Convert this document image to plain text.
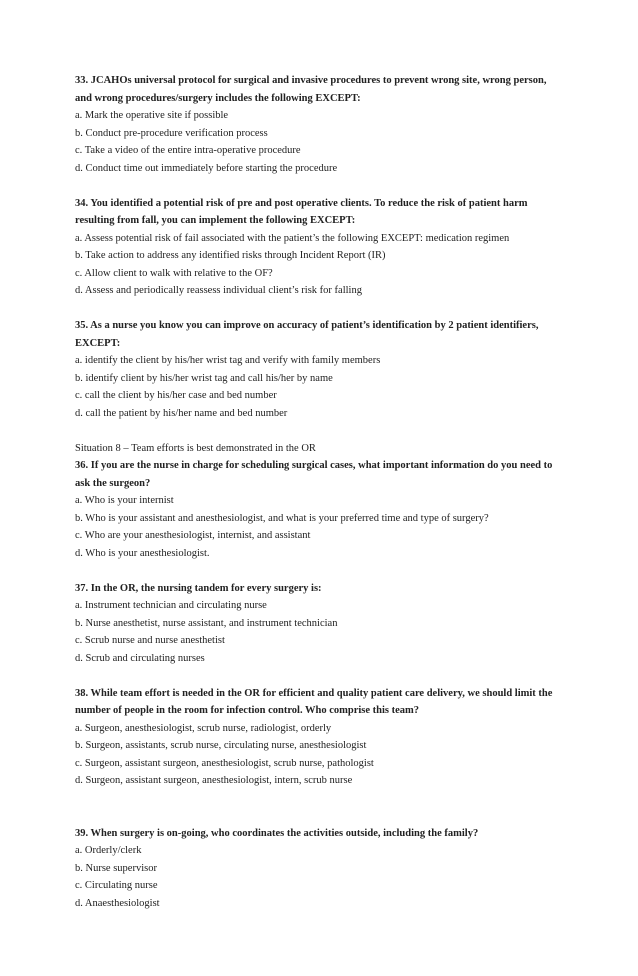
33. JCAHOs universal protocol for surgical and invasive procedures to prevent wrong site, wrong person, and wrong procedures/surgery includes the following EXCEPT:

a. Mark the operative site if possible

b. Conduct pre-procedure verification process

c. Take a video of the entire intra-operative procedure

d. Conduct time out immediately before starting the procedure

34. You identified a potential risk of pre and post operative clients. To reduce the risk of patient harm resulting from fall, you can implement the following EXCEPT:

a. Assess potential risk of fail associated with the patient’s the following EXCEPT: medication regimen

b. Take action to address any identified risks through Incident Report (IR)

c. Allow client to walk with relative to the OF?

d. Assess and periodically reassess individual client’s risk for falling

35. As a nurse you know you can improve on accuracy of patient’s identification by 2 patient identifiers, EXCEPT:

a. identify the client by his/her wrist tag and verify with family members

b. identify client by his/her wrist tag and call his/her by name

c. call the client by his/her case and bed number

d. call the patient by his/her name and bed number

Situation 8 – Team efforts is best demonstrated in the OR

36. If you are the nurse in charge for scheduling surgical cases, what important information do you need to ask the surgeon?

a. Who is your internist

b. Who is your assistant and anesthesiologist, and what is your preferred time and type of surgery?

c. Who are your anesthesiologist, internist, and assistant

d. Who is your anesthesiologist.

37. In the OR, the nursing tandem for every surgery is:

a. Instrument technician and circulating nurse

b. Nurse anesthetist, nurse assistant, and instrument technician

c. Scrub nurse and nurse anesthetist

d. Scrub and circulating nurses

38. While team effort is needed in the OR for efficient and quality patient care delivery, we should limit the number of people in the room for infection control. Who comprise this team?

a. Surgeon, anesthesiologist, scrub nurse, radiologist, orderly

b. Surgeon, assistants, scrub nurse, circulating nurse, anesthesiologist

c. Surgeon, assistant surgeon, anesthesiologist, scrub nurse, pathologist

d. Surgeon, assistant surgeon, anesthesiologist, intern, scrub nurse

39. When surgery is on-going, who coordinates the activities outside, including the family?

a. Orderly/clerk

b. Nurse supervisor

c. Circulating nurse

d. Anaesthesiologist
